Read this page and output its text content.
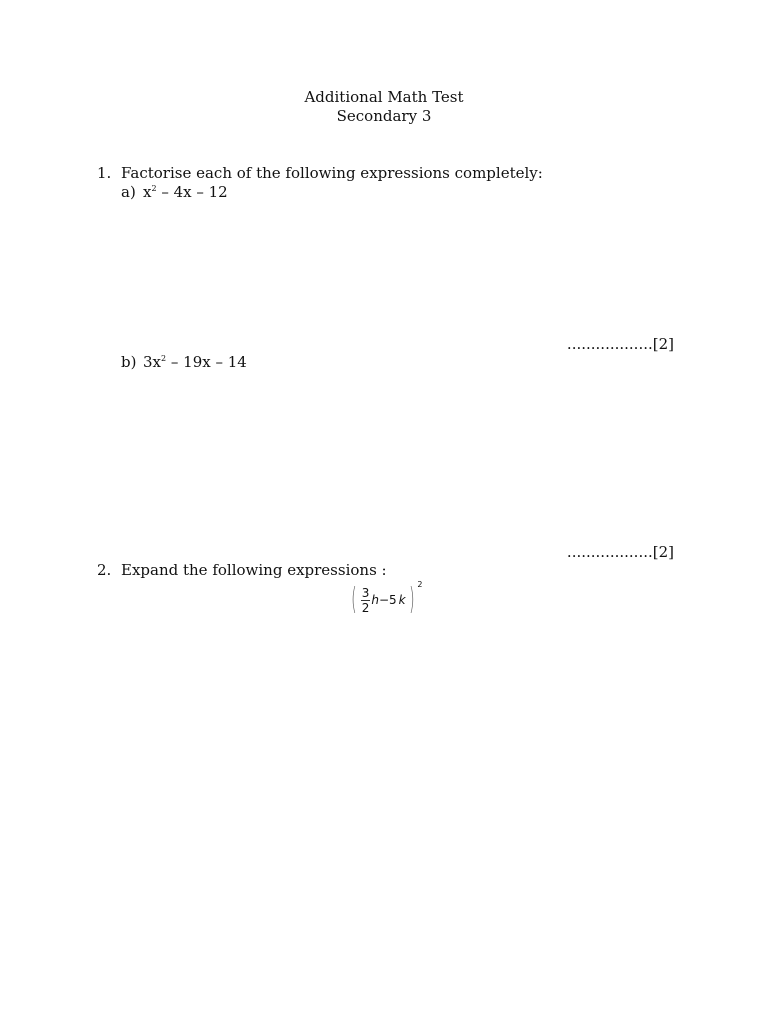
Additional Math Test
Secondary 3
1. Factorise each of the following expressions completely:
a) $x^2 - 4x - 12$
..................[2]
b) $3x^2 - 19x - 14$
..................[2]
2. Expand the following expressions :
( $\frac{3}{2}$ h − 5 k ) 2
